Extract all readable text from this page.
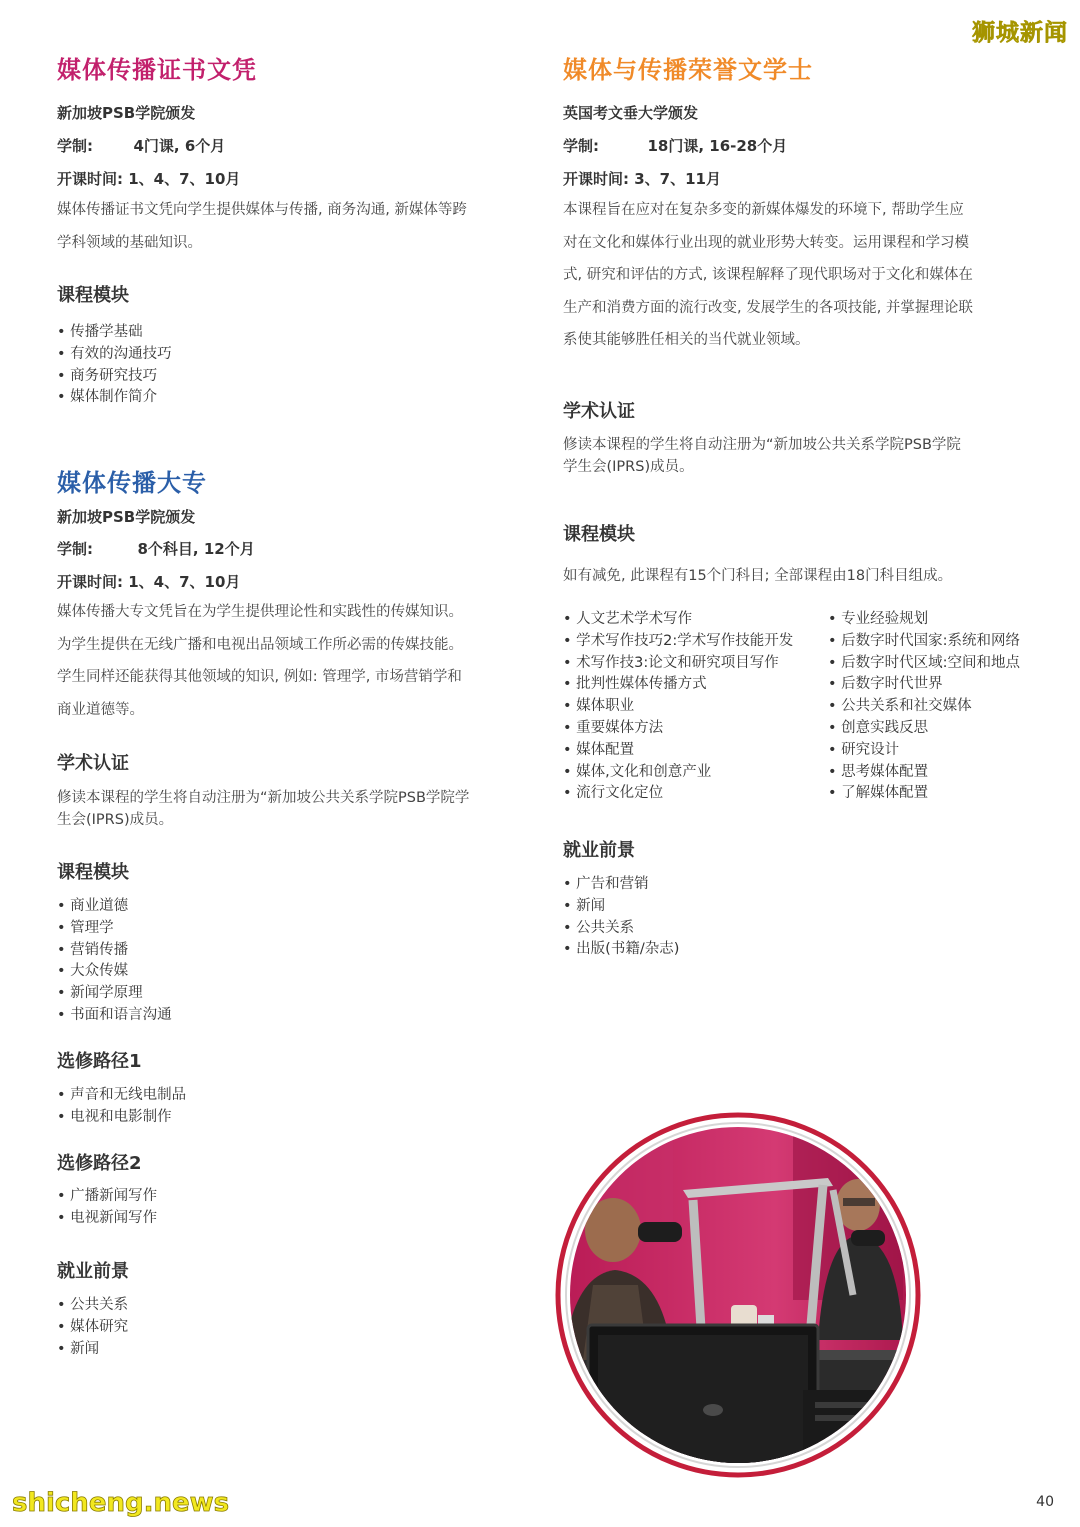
狮城新闻
媒体传播证书文凭

新加坡PSB学院颁发

学制:	4门课, 6个月

开课时间: 1、4、7、10月

媒体传播证书文凭向学生提供媒体与传播, 商务沟通, 新媒体等跨

学科领域的基础知识。

课程模块
• 传播学基础
• 有效的沟通技巧
• 商务研究技巧
• 媒体制作简介
媒体传播大专

新加坡PSB学院颁发

学制:	8个科目, 12个月

开课时间: 1、4、7、10月

媒体传播大专文凭旨在为学生提供理论性和实践性的传媒知识。

为学生提供在无线广播和电视出品领域工作所必需的传媒技能。

学生同样还能获得其他领域的知识, 例如: 管理学, 市场营销学和

商业道德等。

学术认证

修读本课程的学生将自动注册为“新加坡公共关系学院PSB学院学

生会(IPRS)成员。

课程模块
• 商业道德
• 管理学
• 营销传播
• 大众传媒
• 新闻学原理
• 书面和语言沟通
选修路径1
• 声音和无线电制品
• 电视和电影制作
选修路径2
• 广播新闻写作
• 电视新闻写作
就业前景
• 公共关系
• 媒体研究
• 新闻
媒体与传播荣誉文学士

英国考文垂大学颁发

学制:	18门课, 16-28个月

开课时间: 3、7、11月

本课程旨在应对在复杂多变的新媒体爆发的环境下, 帮助学生应

对在文化和媒体行业出现的就业形势大转变。运用课程和学习模

式, 研究和评估的方式, 该课程解释了现代职场对于文化和媒体在

生产和消费方面的流行改变, 发展学生的各项技能, 并掌握理论联

系使其能够胜任相关的当代就业领域。

学术认证

修读本课程的学生将自动注册为“新加坡公共关系学院PSB学院

学生会(IPRS)成员。

课程模块

如有减免, 此课程有15个门科目; 全部课程由18门科目组成。

• 人文艺术学术写作
• 学术写作技巧2:学术写作技能开发
• 术写作技3:论文和研究项目写作
• 批判性媒体传播方式
• 媒体职业
• 重要媒体方法
• 媒体配置
• 媒体,文化和创意产业
• 流行文化定位
• 专业经验规划
• 后数字时代国家:系统和网络
• 后数字时代区域:空间和地点
• 后数字时代世界
• 公共关系和社交媒体
• 创意实践反思
• 研究设计
• 思考媒体配置
• 了解媒体配置
就业前景
• 广告和营销
• 新闻
• 公共关系
• 出版(书籍/杂志)
shicheng.news	40
